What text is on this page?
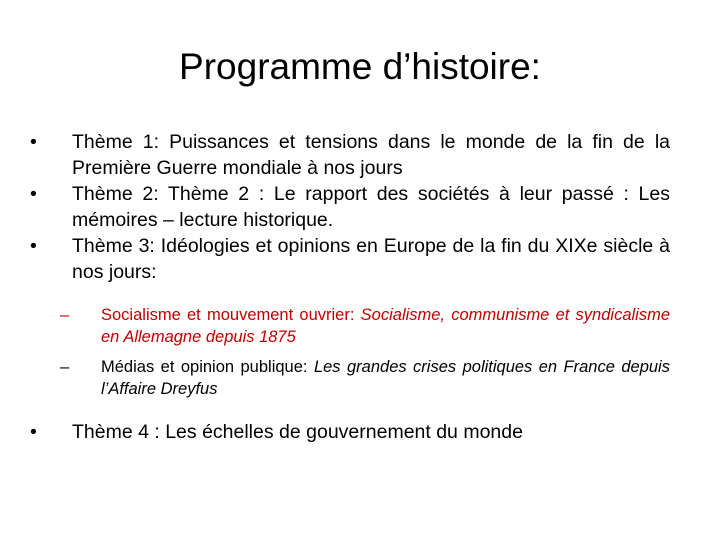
Programme d’histoire:
•	Thème 1: Puissances et tensions dans le monde de la fin de la Première Guerre mondiale à nos jours
•	Thème 2: Thème 2 : Le rapport des sociétés à leur passé : Les mémoires – lecture historique.
•	Thème 3: Idéologies et opinions en Europe de la fin du XIXe siècle à nos jours:
–	Socialisme et mouvement ouvrier: Socialisme, communisme et syndicalisme en Allemagne depuis 1875
–	Médias et opinion publique: Les grandes crises politiques en France depuis l’Affaire Dreyfus
•	Thème 4 : Les échelles de gouvernement du monde
